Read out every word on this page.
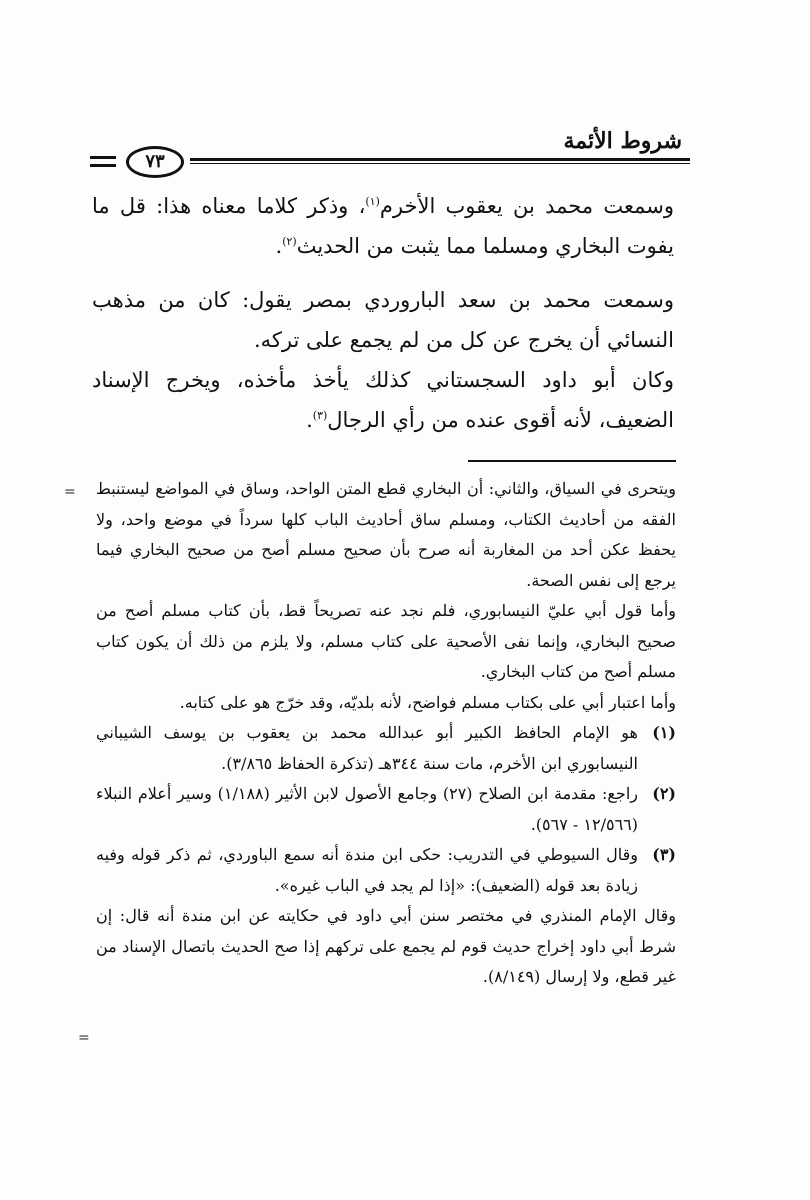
شروط الأئمة
٧٣

وسمعت محمد بن يعقوب الأخرم$^{(١)}$، وذكر كلاما معناه هذا: قل ما يفوت البخاري ومسلما مما يثبت من الحديث$^{(٢)}$.

وسمعت محمد بن سعد الباروردي بمصر يقول: كان من مذهب النسائي أن يخرج عن كل من لم يجمع على تركه.

وكان أبو داود السجستاني كذلك يأخذ مأخذه، ويخرج الإسناد الضعيف، لأنه أقوى عنده من رأي الرجال$^{(٣)}$.

ويتحرى في السياق، والثاني: أن البخاري قطع المتن الواحد، وساق في المواضع ليستنبط الفقه من أحاديث الكتاب، ومسلم ساق أحاديث الباب كلها سرداً في موضع واحد، ولا يحفظ عكن أحد من المغاربة أنه صرح بأن صحيح مسلم أصح من صحيح البخاري فيما يرجع إلى نفس الصحة.

وأما قول أبي عليّ النيسابوري، فلم نجد عنه تصريحاً قط، بأن كتاب مسلم أصح من صحيح البخاري، وإنما نفى الأصحية على كتاب مسلم، ولا يلزم من ذلك أن يكون كتاب مسلم أصح من كتاب البخاري.

وأما اعتبار أبي على بكتاب مسلم فواضح، لأنه بلديّه، وقد خرّج هو على كتابه.

(١)
هو الإمام الحافظ الكبير أبو عبدالله محمد بن يعقوب بن يوسف الشيباني النيسابوري ابن الأخرم، مات سنة ٣٤٤هـ (تذكرة الحفاظ ٣/٨٦٥).

(٢)
راجع: مقدمة ابن الصلاح (٢٧) وجامع الأصول لابن الأثير (١/١٨٨) وسير أعلام النبلاء (١٢/٥٦٦ - ٥٦٧).

(٣)
وقال السيوطي في التدريب: حكى ابن مندة أنه سمع الباوردي، ثم ذكر قوله وفيه زيادة بعد قوله (الضعيف): «إذا لم يجد في الباب غيره».

وقال الإمام المنذري في مختصر سنن أبي داود في حكايته عن ابن مندة أنه قال: إن شرط أبي داود إخراج حديث قوم لم يجمع على تركهم إذا صح الحديث باتصال الإسناد من غير قطع، ولا إرسال (٨/١٤٩).

=
=
